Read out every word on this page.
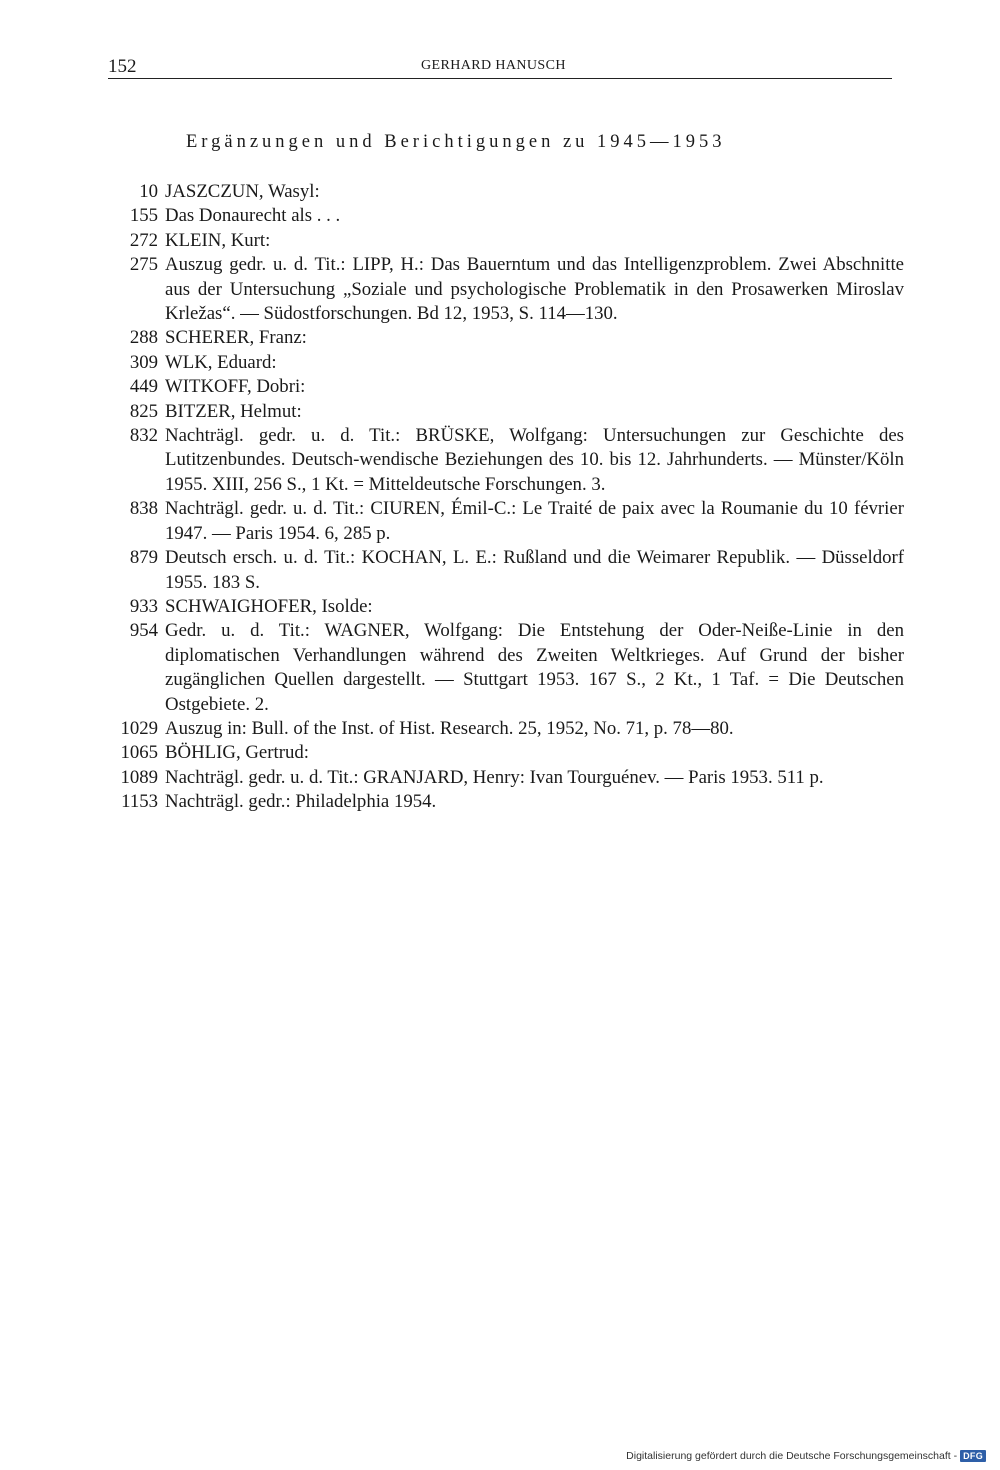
152	GERHARD HANUSCH
Ergänzungen und Berichtigungen zu 1945—1953
10 JASZCZUN, Wasyl:
155 Das Donaurecht als . . .
272 KLEIN, Kurt:
275 Auszug gedr. u. d. Tit.: LIPP, H.: Das Bauerntum und das Intelligenzproblem. Zwei Abschnitte aus der Untersuchung „Soziale und psychologische Problematik in den Prosawerken Miroslav Krležas“. — Südostforschungen. Bd 12, 1953, S. 114—130.
288 SCHERER, Franz:
309 WLK, Eduard:
449 WITKOFF, Dobri:
825 BITZER, Helmut:
832 Nachträgl. gedr. u. d. Tit.: BRÜSKE, Wolfgang: Untersuchungen zur Geschichte des Lutitzenbundes. Deutsch-wendische Beziehungen des 10. bis 12. Jahrhunderts. — Münster/Köln 1955. XIII, 256 S., 1 Kt. = Mitteldeutsche Forschungen. 3.
838 Nachträgl. gedr. u. d. Tit.: CIUREN, Émil-C.: Le Traité de paix avec la Roumanie du 10 février 1947. — Paris 1954. 6, 285 p.
879 Deutsch ersch. u. d. Tit.: KOCHAN, L. E.: Rußland und die Weimarer Republik. — Düsseldorf 1955. 183 S.
933 SCHWAIGHOFER, Isolde:
954 Gedr. u. d. Tit.: WAGNER, Wolfgang: Die Entstehung der Oder-Neiße-Linie in den diplomatischen Verhandlungen während des Zweiten Weltkrieges. Auf Grund der bisher zugänglichen Quellen dargestellt. — Stuttgart 1953. 167 S., 2 Kt., 1 Taf. = Die Deutschen Ostgebiete. 2.
1029 Auszug in: Bull. of the Inst. of Hist. Research. 25, 1952, No. 71, p. 78—80.
1065 BÖHLIG, Gertrud:
1089 Nachträgl. gedr. u. d. Tit.: GRANJARD, Henry: Ivan Tourguénev. — Paris 1953. 511 p.
1153 Nachträgl. gedr.: Philadelphia 1954.
Digitalisierung gefördert durch die Deutsche Forschungsgemeinschaft - DFG
